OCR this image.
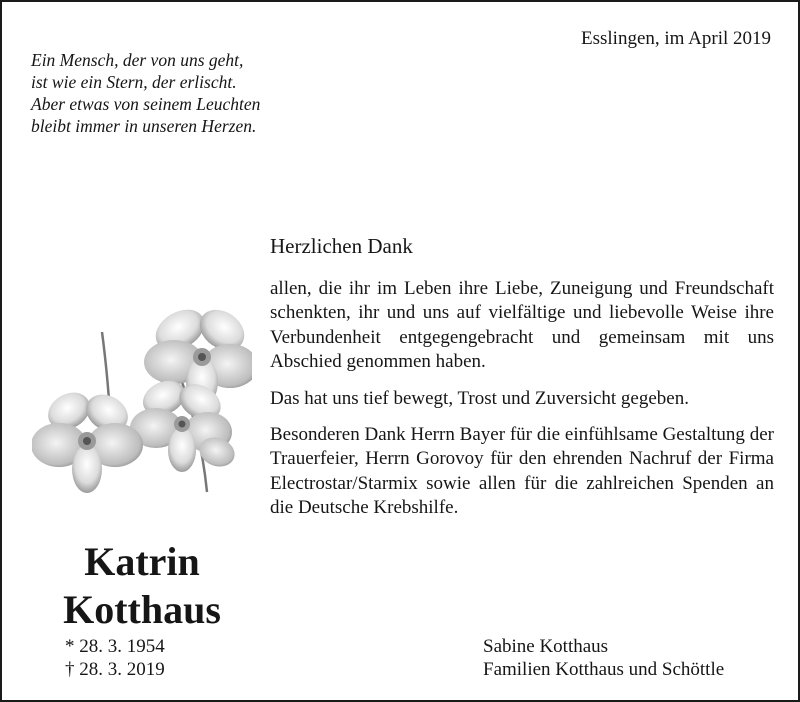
Ein Mensch, der von uns geht,
ist wie ein Stern, der erlischt.
Aber etwas von seinem Leuchten
bleibt immer in unseren Herzen.
Esslingen, im April 2019
Herzlichen Dank

allen, die ihr im Leben ihre Liebe, Zuneigung und Freundschaft schenkten, ihr und uns auf vielfältige und liebevolle Weise ihre Verbundenheit entgegengebracht und gemeinsam mit uns Abschied genommen haben.

Das hat uns tief bewegt, Trost und Zuversicht gegeben.

Besonderen Dank Herrn Bayer für die einfühlsame Gestaltung der Trauerfeier, Herrn Gorovoy für den ehrenden Nachruf der Firma Electrostar/Starmix sowie allen für die zahlreichen Spenden an die Deutsche Krebshilfe.

Katrin
Kotthaus
* 28. 3. 1954
† 28. 3. 2019
Sabine Kotthaus
Familien Kotthaus und Schöttle
